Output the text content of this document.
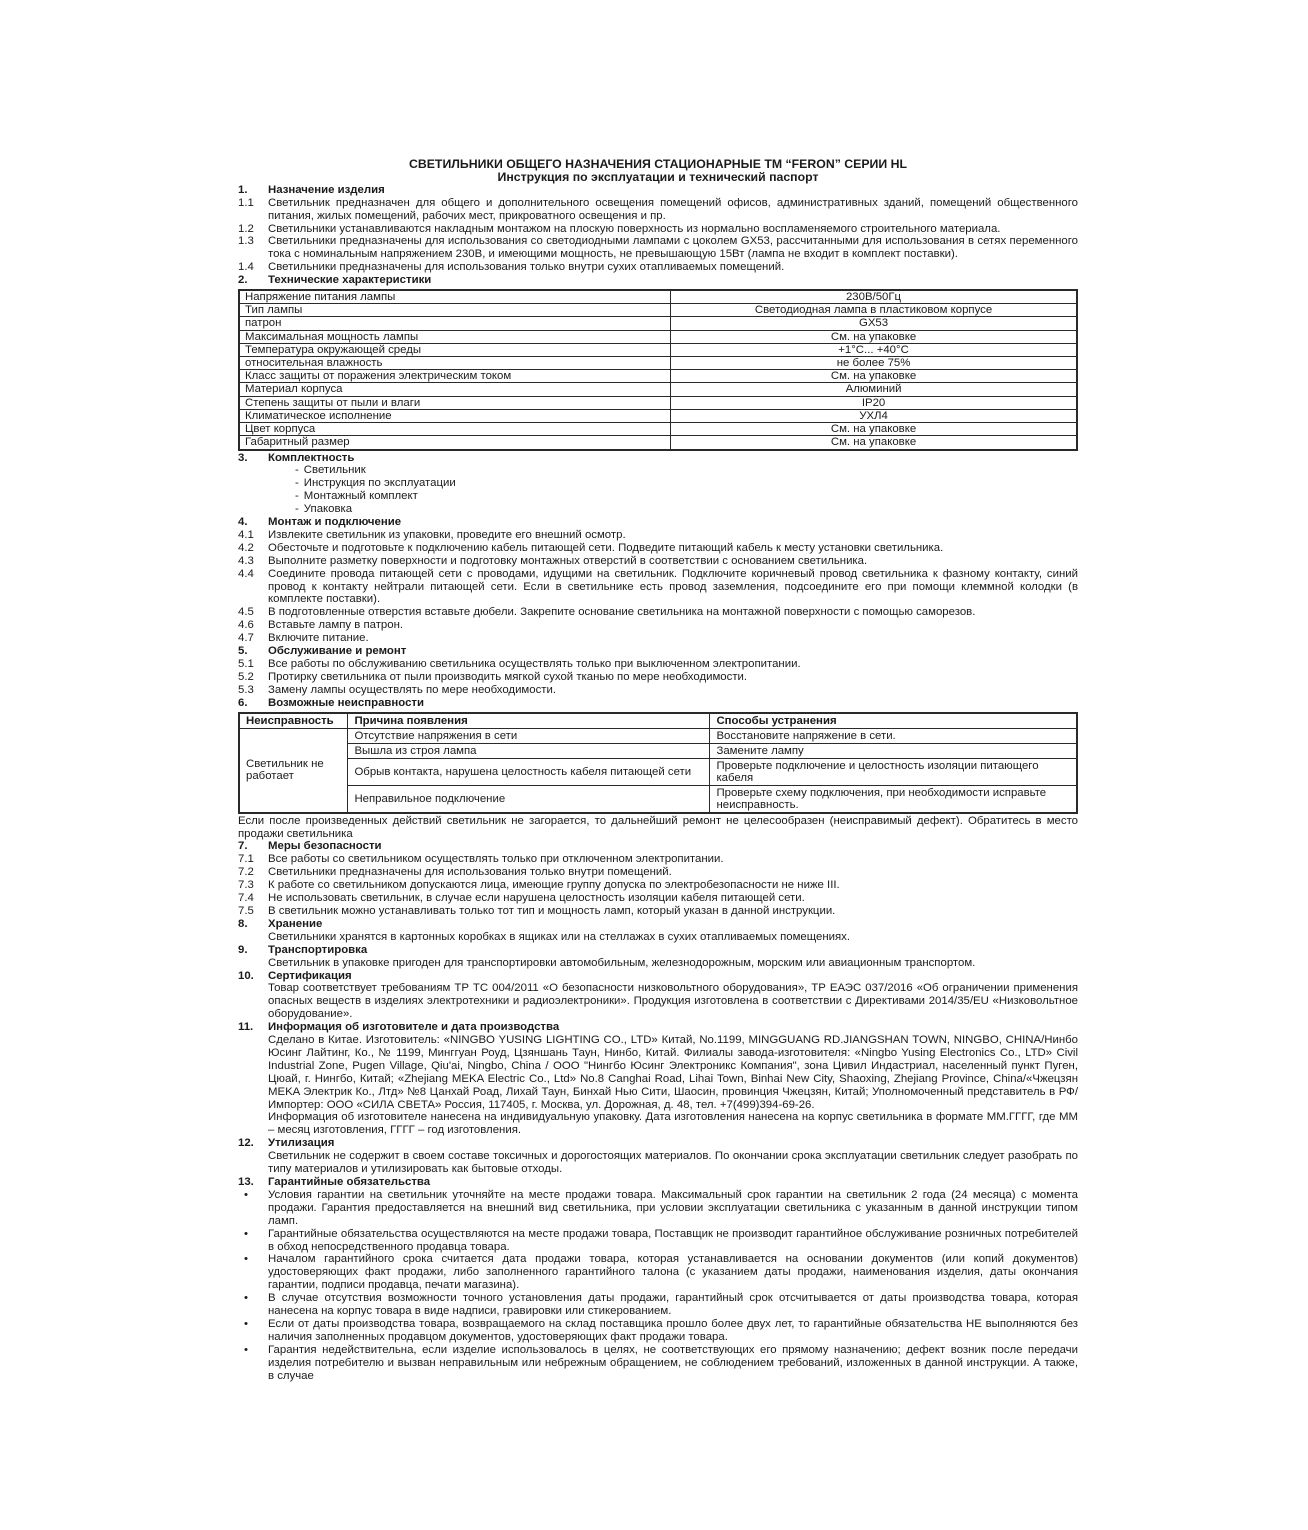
СВЕТИЛЬНИКИ ОБЩЕГО НАЗНАЧЕНИЯ СТАЦИОНАРНЫЕ ТМ “FERON” СЕРИИ HL
Инструкция по эксплуатации и технический паспорт
1.	Назначение изделия
1.1	Светильник предназначен для общего и дополнительного освещения помещений офисов, административных зданий, помещений общественного питания, жилых помещений, рабочих мест, прикроватного освещения и пр.
1.2	Светильники устанавливаются накладным монтажом на плоскую поверхность из нормально воспламеняемого строительного материала.
1.3	Светильники предназначены для использования со светодиодными лампами с цоколем GX53, рассчитанными для использования в сетях переменного тока с номинальным напряжением 230В, и имеющими мощность, не превышающую 15Вт (лампа не входит в комплект поставки).
1.4	Светильники предназначены для использования только внутри сухих отапливаемых помещений.
2.	Технические характеристики
Напряжение питания лампы	230В/50Гц
Тип лампы	Светодиодная лампа в пластиковом корпусе
патрон	GX53
Максимальная мощность лампы	См. на упаковке
Температура окружающей среды	+1°С... +40°С
относительная влажность	не более 75%
Класс защиты от поражения электрическим током	См. на упаковке
Материал корпуса	Алюминий
Степень защиты от пыли и влаги	IP20
Климатическое исполнение	УХЛ4
Цвет корпуса	См. на упаковке
Габаритный размер	См. на упаковке
3.	Комплектность
- Светильник
- Инструкция по эксплуатации
- Монтажный комплект
- Упаковка
4.	Монтаж и подключение
4.1	Извлеките светильник из упаковки, проведите его внешний осмотр.
4.2	Обесточьте и подготовьте к подключению кабель питающей сети. Подведите питающий кабель к месту установки светильника.
4.3	Выполните разметку поверхности и подготовку монтажных отверстий в соответствии с основанием светильника.
4.4	Соедините провода питающей сети с проводами, идущими на светильник. Подключите коричневый провод светильника к фазному контакту, синий провод к контакту нейтрали питающей сети. Если в светильнике есть провод заземления, подсоедините его при помощи клеммной колодки (в комплекте поставки).
4.5	В подготовленные отверстия вставьте дюбели. Закрепите основание светильника на монтажной поверхности с помощью саморезов.
4.6	Вставьте лампу в патрон.
4.7	Включите питание.
5.	Обслуживание и ремонт
5.1	Все работы по обслуживанию светильника осуществлять только при выключенном электропитании.
5.2	Протирку светильника от пыли производить мягкой сухой тканью по мере необходимости.
5.3	Замену лампы осуществлять по мере необходимости.
6.	Возможные неисправности
Неисправность	Причина появления	Способы устранения
Светильник не работает	Отсутствие напряжения в сети	Восстановите напряжение в сети.
	Вышла из строя лампа	Замените лампу
	Обрыв контакта, нарушена целостность кабеля питающей сети	Проверьте подключение и целостность изоляции питающего кабеля
	Неправильное подключение	Проверьте схему подключения, при необходимости исправьте неисправность.
Если после произведенных действий светильник не загорается, то дальнейший ремонт не целесообразен (неисправимый дефект). Обратитесь в место продажи светильника
7.	Меры безопасности
7.1	Все работы со светильником осуществлять только при отключенном электропитании.
7.2	Светильники предназначены для использования только внутри помещений.
7.3	К работе со светильником допускаются лица, имеющие группу допуска по электробезопасности не ниже III.
7.4	Не использовать светильник, в случае если нарушена целостность изоляции кабеля питающей сети.
7.5	В светильник можно устанавливать только тот тип и мощность ламп, который указан в данной инструкции.
8.	Хранение
Светильники хранятся в картонных коробках в ящиках или на стеллажах в сухих отапливаемых помещениях.
9.	Транспортировка
Светильник в упаковке пригоден для транспортировки автомобильным, железнодорожным, морским или авиационным транспортом.
10.	Сертификация
Товар соответствует требованиям ТР ТС 004/2011 «О безопасности низковольтного оборудования», ТР ЕАЭС 037/2016 «Об ограничении применения опасных веществ в изделиях электротехники и радиоэлектроники». Продукция изготовлена в соответствии с Директивами 2014/35/EU «Низковольтное оборудование».
11.	Информация об изготовителе и дата производства
Сделано в Китае. Изготовитель: «NINGBO YUSING LIGHTING CO., LTD» Китай, No.1199, MINGGUANG RD.JIANGSHAN TOWN, NINGBO, CHINA/Нинбо Юсинг Лайтинг, Ко., № 1199, Минггуан Роуд, Цзяншань Таун, Нинбо, Китай. Филиалы завода-изготовителя: «Ningbo Yusing Electronics Co., LTD» Civil Industrial Zone, Pugen Village, Qiu'ai, Ningbo, China / ООО "Нингбо Юсинг Электроникс Компания", зона Цивил Индастриал, населенный пункт Пуген, Цюай, г. Нингбо, Китай; «Zhejiang MEKA Electric Co., Ltd» No.8 Canghai Road, Lihai Town, Binhai New City, Shaoxing, Zhejiang Province, China/«Чжецзян MEKA Электрик Ко., Лтд» №8 Цанхай Роад, Лихай Таун, Бинхай Нью Сити, Шаосин, провинция Чжецзян, Китай; Уполномоченный представитель в РФ/Импортер: ООО «СИЛА СВЕТА» Россия, 117405, г. Москва, ул. Дорожная, д. 48, тел. +7(499)394-69-26.
Информация об изготовителе нанесена на индивидуальную упаковку. Дата изготовления нанесена на корпус светильника в формате ММ.ГГГГ, где ММ – месяц изготовления, ГГГГ – год изготовления.
12.	Утилизация
Светильник не содержит в своем составе токсичных и дорогостоящих материалов. По окончании срока эксплуатации светильник следует разобрать по типу материалов и утилизировать как бытовые отходы.
13.	Гарантийные обязательства
• Условия гарантии на светильник уточняйте на месте продажи товара. Максимальный срок гарантии на светильник 2 года (24 месяца) с момента продажи. Гарантия предоставляется на внешний вид светильника, при условии эксплуатации светильника с указанным в данной инструкции типом ламп.
• Гарантийные обязательства осуществляются на месте продажи товара, Поставщик не производит гарантийное обслуживание розничных потребителей в обход непосредственного продавца товара.
• Началом гарантийного срока считается дата продажи товара, которая устанавливается на основании документов (или копий документов) удостоверяющих факт продажи, либо заполненного гарантийного талона (с указанием даты продажи, наименования изделия, даты окончания гарантии, подписи продавца, печати магазина).
• В случае отсутствия возможности точного установления даты продажи, гарантийный срок отсчитывается от даты производства товара, которая нанесена на корпус товара в виде надписи, гравировки или стикерованием.
• Если от даты производства товара, возвращаемого на склад поставщика прошло более двух лет, то гарантийные обязательства НЕ выполняются без наличия заполненных продавцом документов, удостоверяющих факт продажи товара.
• Гарантия недействительна, если изделие использовалось в целях, не соответствующих его прямому назначению; дефект возник после передачи изделия потребителю и вызван неправильным или небрежным обращением, не соблюдением требований, изложенных в данной инструкции. А также, в случае
